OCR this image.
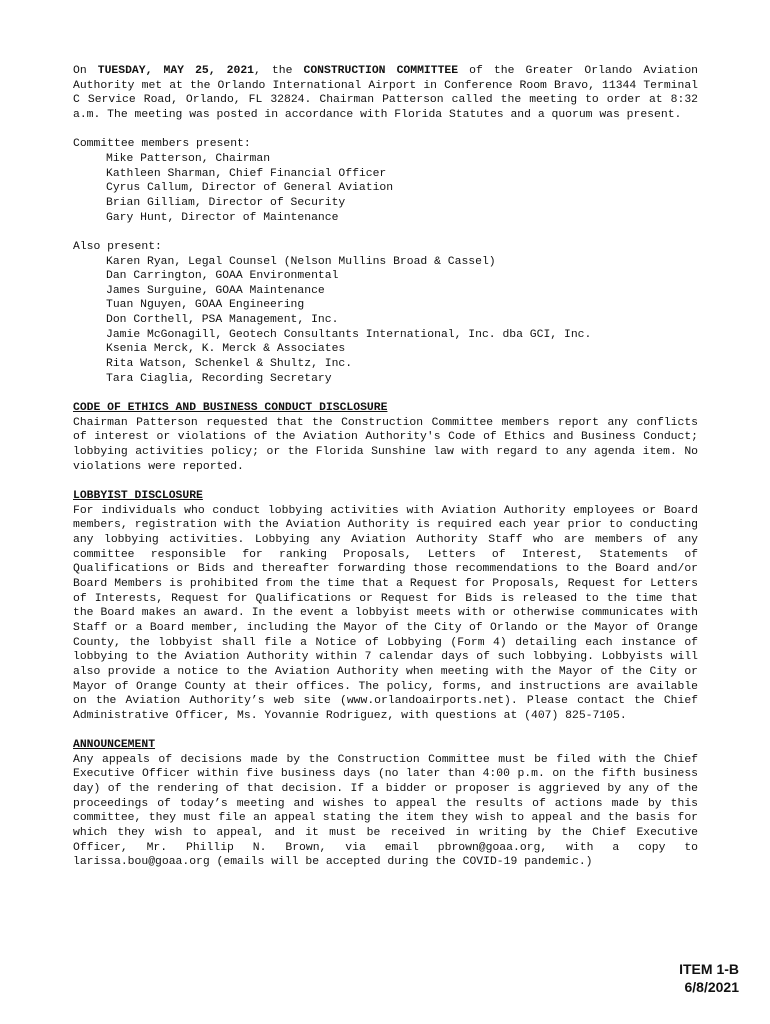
On TUESDAY, MAY 25, 2021, the CONSTRUCTION COMMITTEE of the Greater Orlando Aviation Authority met at the Orlando International Airport in Conference Room Bravo, 11344 Terminal C Service Road, Orlando, FL 32824. Chairman Patterson called the meeting to order at 8:32 a.m. The meeting was posted in accordance with Florida Statutes and a quorum was present.

Committee members present:

Mike Patterson, Chairman
Kathleen Sharman, Chief Financial Officer
Cyrus Callum, Director of General Aviation
Brian Gilliam, Director of Security
Gary Hunt, Director of Maintenance

Also present:

Karen Ryan, Legal Counsel (Nelson Mullins Broad & Cassel)
Dan Carrington, GOAA Environmental
James Surguine, GOAA Maintenance
Tuan Nguyen, GOAA Engineering
Don Corthell, PSA Management, Inc.
Jamie McGonagill, Geotech Consultants International, Inc. dba GCI, Inc.
Ksenia Merck, K. Merck & Associates
Rita Watson, Schenkel & Shultz, Inc.
Tara Ciaglia, Recording Secretary

CODE OF ETHICS AND BUSINESS CONDUCT DISCLOSURE

Chairman Patterson requested that the Construction Committee members report any conflicts of interest or violations of the Aviation Authority's Code of Ethics and Business Conduct; lobbying activities policy; or the Florida Sunshine law with regard to any agenda item. No violations were reported.

LOBBYIST DISCLOSURE

For individuals who conduct lobbying activities with Aviation Authority employees or Board members, registration with the Aviation Authority is required each year prior to conducting any lobbying activities. Lobbying any Aviation Authority Staff who are members of any committee responsible for ranking Proposals, Letters of Interest, Statements of Qualifications or Bids and thereafter forwarding those recommendations to the Board and/or Board Members is prohibited from the time that a Request for Proposals, Request for Letters of Interests, Request for Qualifications or Request for Bids is released to the time that the Board makes an award. In the event a lobbyist meets with or otherwise communicates with Staff or a Board member, including the Mayor of the City of Orlando or the Mayor of Orange County, the lobbyist shall file a Notice of Lobbying (Form 4) detailing each instance of lobbying to the Aviation Authority within 7 calendar days of such lobbying. Lobbyists will also provide a notice to the Aviation Authority when meeting with the Mayor of the City or Mayor of Orange County at their offices. The policy, forms, and instructions are available on the Aviation Authority’s web site (www.orlandoairports.net). Please contact the Chief Administrative Officer, Ms. Yovannie Rodriguez, with questions at (407) 825-7105.

ANNOUNCEMENT

Any appeals of decisions made by the Construction Committee must be filed with the Chief Executive Officer within five business days (no later than 4:00 p.m. on the fifth business day) of the rendering of that decision. If a bidder or proposer is aggrieved by any of the proceedings of today’s meeting and wishes to appeal the results of actions made by this committee, they must file an appeal stating the item they wish to appeal and the basis for which they wish to appeal, and it must be received in writing by the Chief Executive Officer, Mr. Phillip N. Brown, via email pbrown@goaa.org, with a copy to larissa.bou@goaa.org (emails will be accepted during the COVID-19 pandemic.)

ITEM 1-B
6/8/2021
